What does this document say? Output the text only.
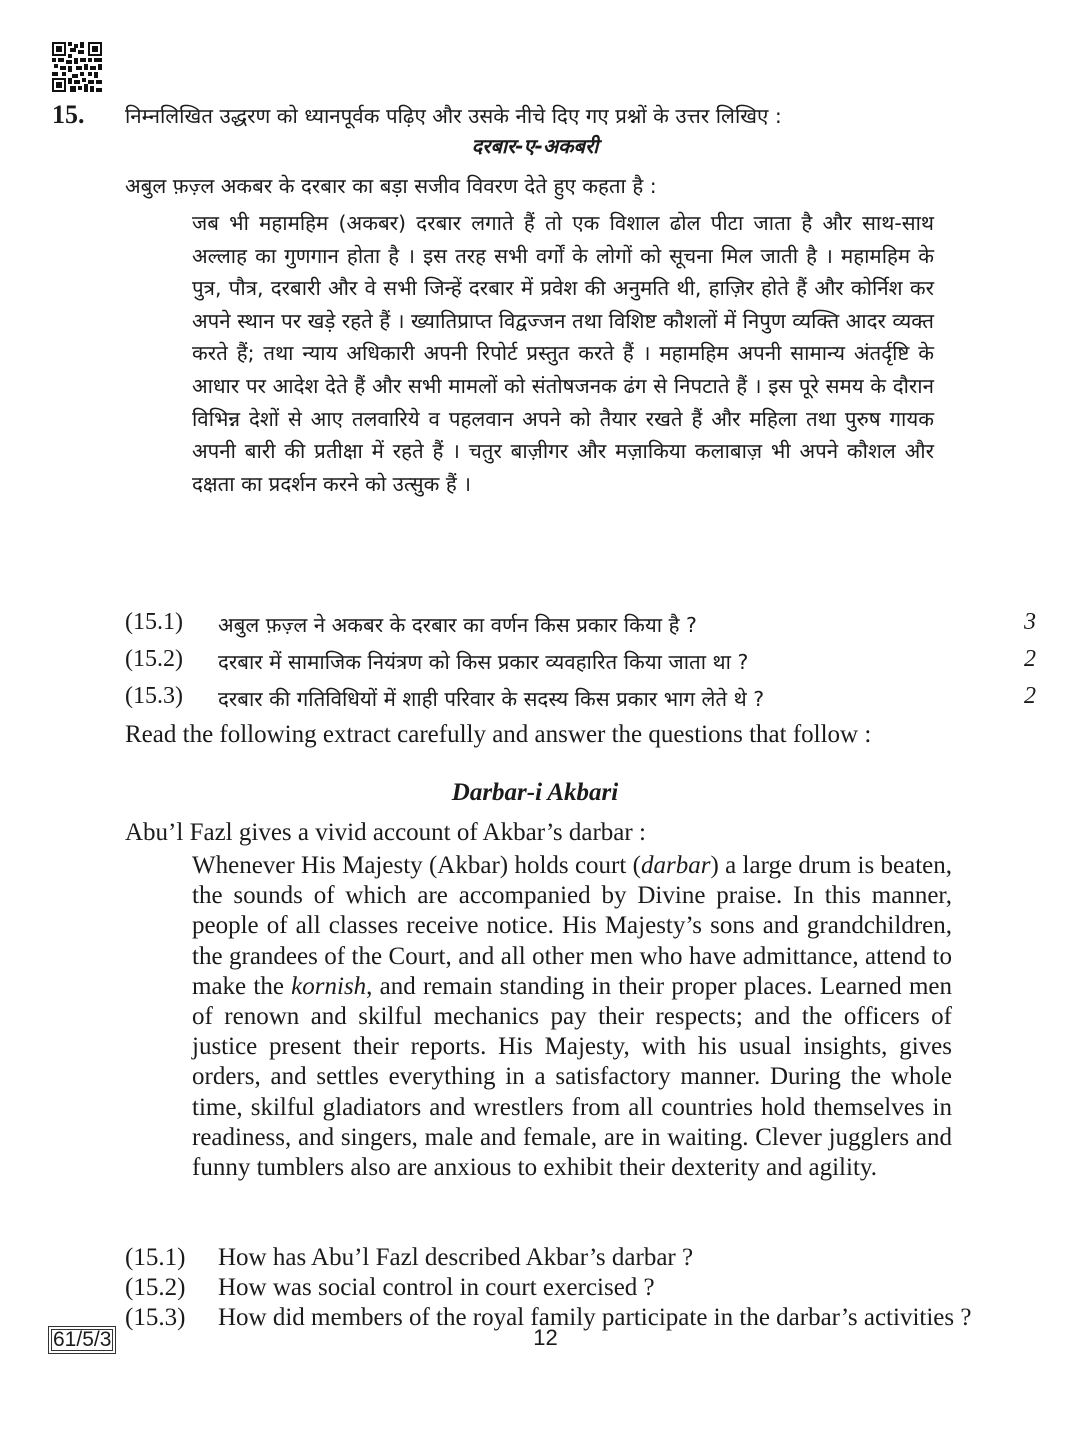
15. निम्नलिखित उद्धरण को ध्यानपूर्वक पढ़िए और उसके नीचे दिए गए प्रश्नों के उत्तर लिखिए :
दरबार-ए-अकबरी
अबुल फ़ज़्ल अकबर के दरबार का बड़ा सजीव विवरण देते हुए कहता है :
जब भी महामहिम (अकबर) दरबार लगाते हैं तो एक विशाल ढोल पीटा जाता है और साथ-साथ अल्लाह का गुणगान होता है । इस तरह सभी वर्गों के लोगों को सूचना मिल जाती है । महामहिम के पुत्र, पौत्र, दरबारी और वे सभी जिन्हें दरबार में प्रवेश की अनुमति थी, हाज़िर होते हैं और कोर्निश कर अपने स्थान पर खड़े रहते हैं । ख्यातिप्राप्त विद्वज्जन तथा विशिष्ट कौशलों में निपुण व्यक्ति आदर व्यक्त करते हैं; तथा न्याय अधिकारी अपनी रिपोर्ट प्रस्तुत करते हैं । महामहिम अपनी सामान्य अंतर्दृष्टि के आधार पर आदेश देते हैं और सभी मामलों को संतोषजनक ढंग से निपटाते हैं । इस पूरे समय के दौरान विभिन्न देशों से आए तलवारिये व पहलवान अपने को तैयार रखते हैं और महिला तथा पुरुष गायक अपनी बारी की प्रतीक्षा में रहते हैं । चतुर बाज़ीगर और मज़ाकिया कलाबाज़ भी अपने कौशल और दक्षता का प्रदर्शन करने को उत्सुक हैं ।
(15.1) अबुल फ़ज़्ल ने अकबर के दरबार का वर्णन किस प्रकार किया है ?	3
(15.2) दरबार में सामाजिक नियंत्रण को किस प्रकार व्यवहारित किया जाता था ?	2
(15.3) दरबार की गतिविधियों में शाही परिवार के सदस्य किस प्रकार भाग लेते थे ?	2
Read the following extract carefully and answer the questions that follow :
Darbar-i Akbari
Abu’l Fazl gives a vivid account of Akbar’s darbar :
Whenever His Majesty (Akbar) holds court (darbar) a large drum is beaten, the sounds of which are accompanied by Divine praise. In this manner, people of all classes receive notice. His Majesty’s sons and grandchildren, the grandees of the Court, and all other men who have admittance, attend to make the kornish, and remain standing in their proper places. Learned men of renown and skilful mechanics pay their respects; and the officers of justice present their reports. His Majesty, with his usual insights, gives orders, and settles everything in a satisfactory manner. During the whole time, skilful gladiators and wrestlers from all countries hold themselves in readiness, and singers, male and female, are in waiting. Clever jugglers and funny tumblers also are anxious to exhibit their dexterity and agility.
(15.1) How has Abu’l Fazl described Akbar’s darbar ?
(15.2) How was social control in court exercised ?
(15.3) How did members of the royal family participate in the darbar’s activities ?
61/5/3	12
